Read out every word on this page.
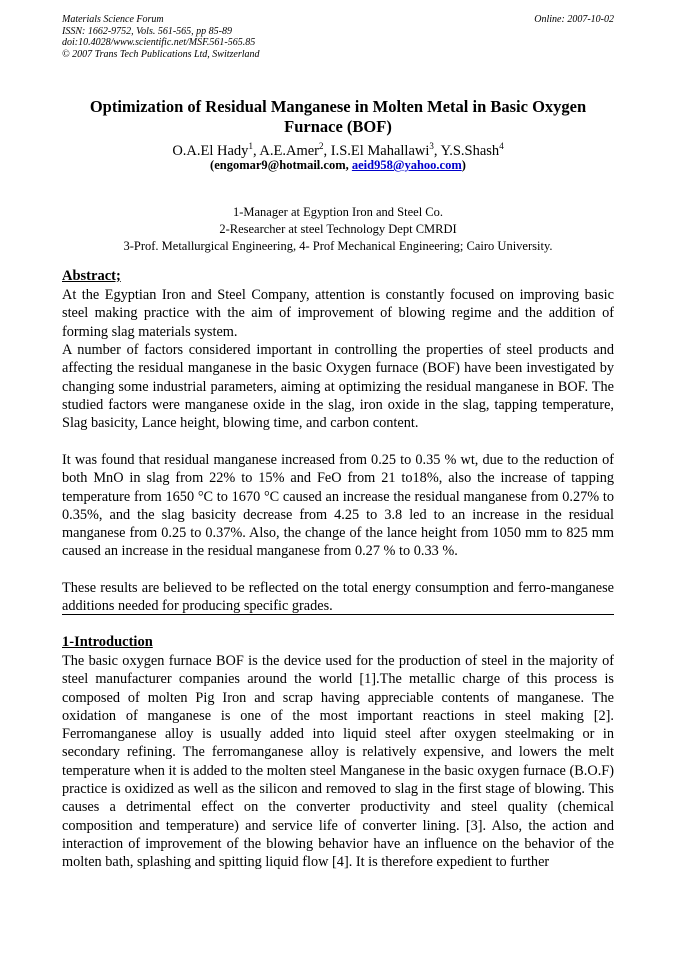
Materials Science Forum
ISSN: 1662-9752, Vols. 561-565, pp 85-89
doi:10.4028/www.scientific.net/MSF.561-565.85
© 2007 Trans Tech Publications Ltd, Switzerland
Online: 2007-10-02
Optimization of Residual Manganese in Molten Metal in Basic Oxygen Furnace (BOF)
O.A.El Hady$^1$, A.E.Amer$^2$, I.S.El Mahallawi$^3$, Y.S.Shash$^4$
(engomar9@hotmail.com, aeid958@yahoo.com)
1-Manager at Egyption Iron and Steel Co.
2-Researcher at steel Technology Dept CMRDI
3-Prof. Metallurgical Engineering, 4- Prof Mechanical Engineering; Cairo University.
Abstract;
At the Egyptian Iron and Steel Company, attention is constantly focused on improving basic steel making practice with the aim of improvement of blowing regime and the addition of forming slag materials system.
A number of factors considered important in controlling the properties of steel products and affecting the residual manganese in the basic Oxygen furnace (BOF) have been investigated by changing some industrial parameters, aiming at optimizing the residual manganese in BOF. The studied factors were manganese oxide in the slag, iron oxide in the slag, tapping temperature, Slag basicity, Lance height, blowing time, and carbon content.
It was found that residual manganese increased from 0.25 to 0.35 % wt, due to the reduction of both MnO in slag from 22% to 15% and FeO from 21 to18%, also the increase of tapping temperature from 1650 °C to 1670 °C caused an increase the residual manganese from 0.27% to 0.35%, and the slag basicity decrease from 4.25 to 3.8 led to an increase in the residual manganese from 0.25 to 0.37%. Also, the change of the lance height from 1050 mm to 825 mm caused an increase in the residual manganese from 0.27 % to 0.33 %.
These results are believed to be reflected on the total energy consumption and ferro-manganese additions needed for producing specific grades.
1-Introduction
The basic oxygen furnace BOF is the device used for the production of steel in the majority of steel manufacturer companies around the world [1].The metallic charge of this process is composed of molten Pig Iron and scrap having appreciable contents of manganese. The oxidation of manganese is one of the most important reactions in steel making [2]. Ferromanganese alloy is usually added into liquid steel after oxygen steelmaking or in secondary refining. The ferromanganese alloy is relatively expensive, and lowers the melt temperature when it is added to the molten steel Manganese in the basic oxygen furnace (B.O.F) practice is oxidized as well as the silicon and removed to slag in the first stage of blowing. This causes a detrimental effect on the converter productivity and steel quality (chemical composition and temperature) and service life of converter lining. [3]. Also, the action and interaction of improvement of the blowing behavior have an influence on the behavior of the molten bath, splashing and spitting liquid flow [4]. It is therefore expedient to further
